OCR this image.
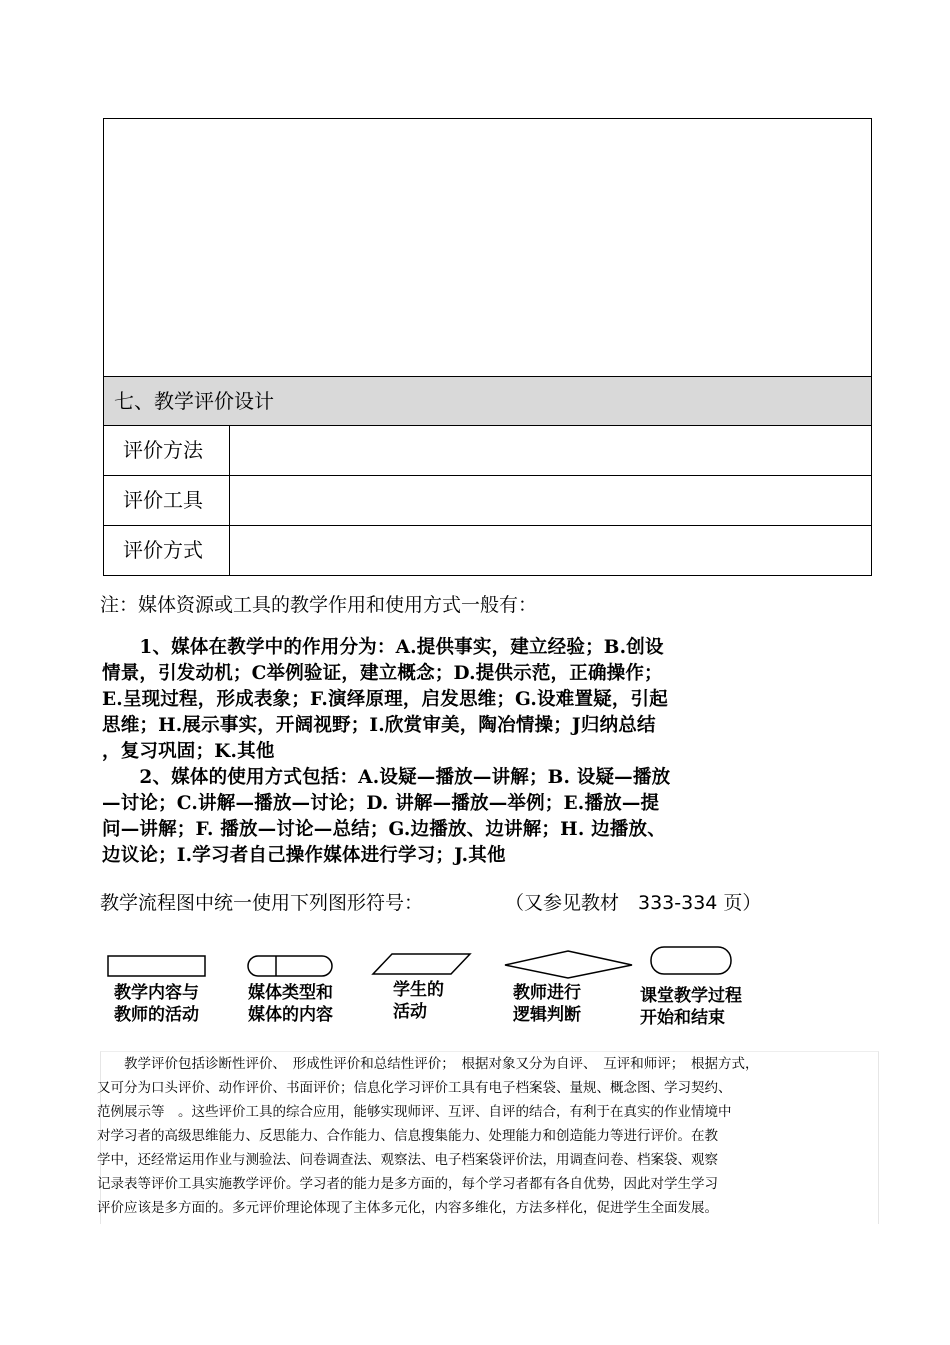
七、教学评价设计
评价方法
评价工具
评价方式
注：媒体资源或工具的教学作用和使用方式一般有：
　　1、媒体在教学中的作用分为：A.提供事实，建立经验；B.创设
情景，引发动机；C举例验证，建立概念；D.提供示范，正确操作；
E.呈现过程，形成表象；F.演绎原理，启发思维；G.设难置疑，引起
思维；H.展示事实，开阔视野；I.欣赏审美，陶冶情操；J归纳总结
，复习巩固；K.其他
　　2、媒体的使用方式包括：A.设疑—播放—讲解；B. 设疑—播放
—讨论；C.讲解—播放—讨论；D. 讲解—播放—举例；E.播放—提
问—讲解；F. 播放—讨论—总结；G.边播放、边讲解；H. 边播放、
边议论；I.学习者自己操作媒体进行学习；J.其他
教学流程图中统一使用下列图形符号：	（又参见教材　333-334 页）
教学内容与
教师的活动
媒体类型和
媒体的内容
学生的
活动
教师进行
逻辑判断
课堂教学过程
开始和结束
　　教学评价包括诊断性评价、　形成性评价和总结性评价；　根据对象又分为自评、　互评和师评；　根据方式，
又可分为口头评价、动作评价、书面评价；信息化学习评价工具有电子档案袋、量规、概念图、学习契约、
范例展示等　。这些评价工具的综合应用，能够实现师评、互评、自评的结合，有利于在真实的作业情境中
对学习者的高级思维能力、反思能力、合作能力、信息搜集能力、处理能力和创造能力等进行评价。在教
学中，还经常运用作业与测验法、问卷调查法、观察法、电子档案袋评价法，用调查问卷、档案袋、观察
记录表等评价工具实施教学评价。学习者的能力是多方面的，每个学习者都有各自优势，因此对学生学习
评价应该是多方面的。多元评价理论体现了主体多元化，内容多维化，方法多样化，促进学生全面发展。
